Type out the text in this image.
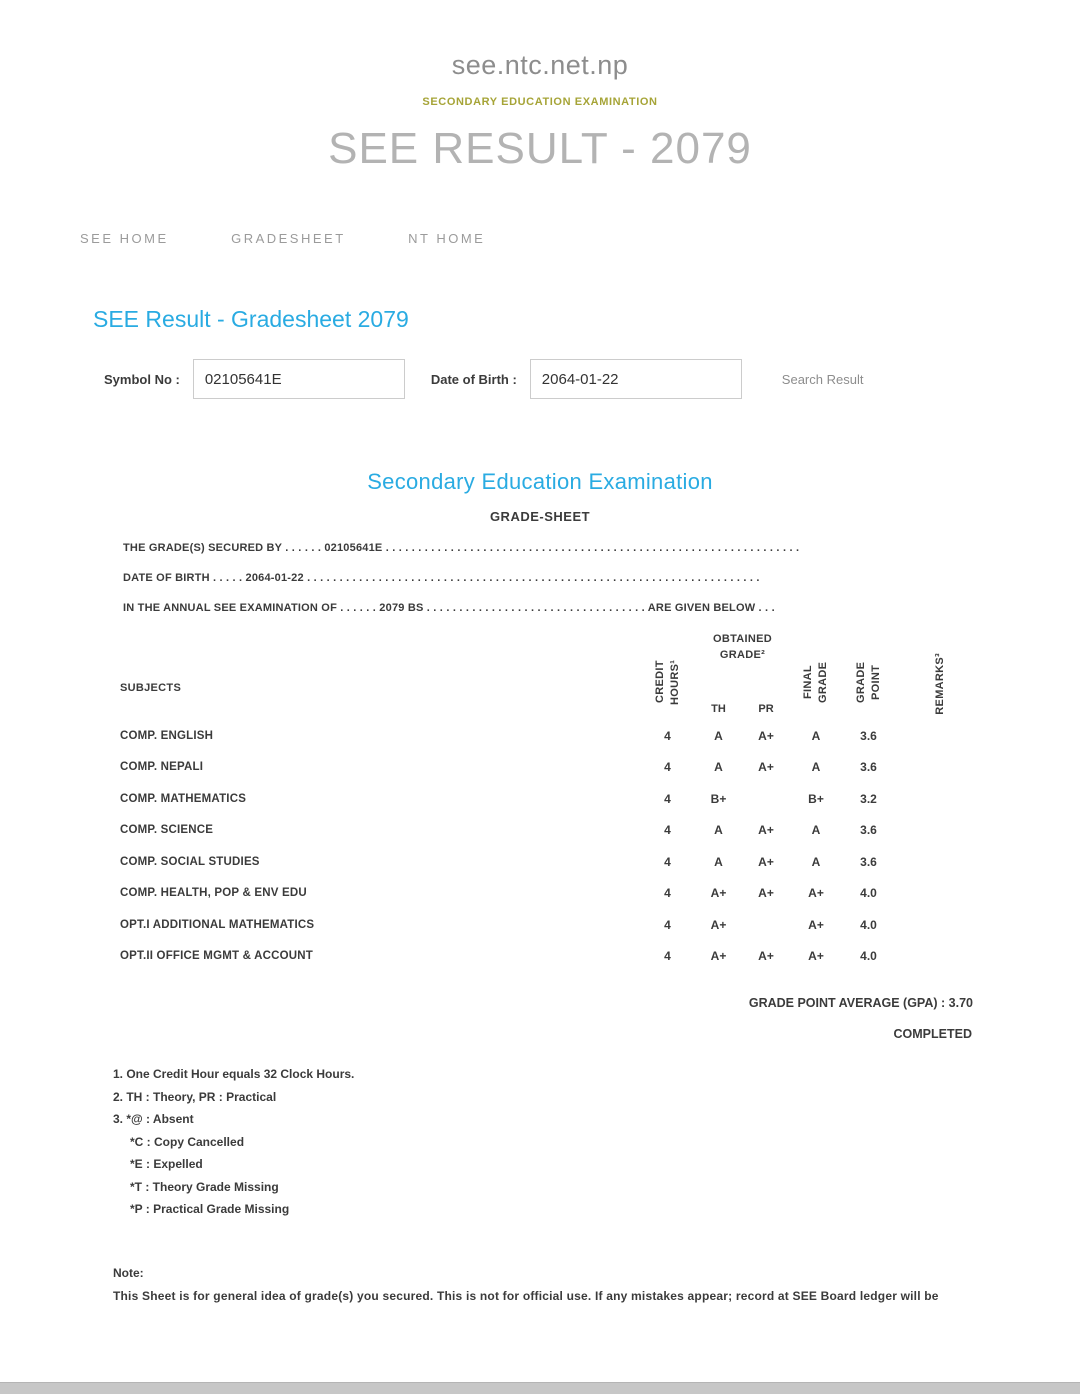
see.ntc.net.np
SECONDARY EDUCATION EXAMINATION
SEE RESULT - 2079
SEE HOME	GRADESHEET	NT HOME
SEE Result - Gradesheet 2079
Symbol No :
02105641E	Date of Birth :
2064-01-22	Search Result
Secondary Education Examination
GRADE-SHEET

THE GRADE(S) SECURED BY . . . . . . 02105641E . . . . . . . . . . . . . . . . . . . . . . . . . . . . . . . . . . . . . . . . . . . . . . . . . . . . . . . . . . . . . . . .

DATE OF BIRTH . . . . . 2064-01-22 . . . . . . . . . . . . . . . . . . . . . . . . . . . . . . . . . . . . . . . . . . . . . . . . . . . . . . . . . . . . . . . . . . . . . .

IN THE ANNUAL SEE EXAMINATION OF . . . . . . 2079 BS . . . . . . . . . . . . . . . . . . . . . . . . . . . . . . . . . . ARE GIVEN BELOW . . .

SUBJECTS	CREDIT HOURS¹	OBTAINED GRADE²		FINAL GRADE	GRADE POINT	REMARKS³
		TH	PR			
COMP. ENGLISH	4	A	A+	A	3.6	
COMP. NEPALI	4	A	A+	A	3.6	
COMP. MATHEMATICS	4	B+		B+	3.2	
COMP. SCIENCE	4	A	A+	A	3.6	
COMP. SOCIAL STUDIES	4	A	A+	A	3.6	
COMP. HEALTH, POP & ENV EDU	4	A+	A+	A+	4.0	
OPT.I ADDITIONAL MATHEMATICS	4	A+		A+	4.0	
OPT.II OFFICE MGMT & ACCOUNT	4	A+	A+	A+	4.0	
GRADE POINT AVERAGE (GPA) : 3.70
COMPLETED
1. One Credit Hour equals 32 Clock Hours.
2. TH : Theory, PR : Practical
3. *@ : Absent
*C : Copy Cancelled
*E : Expelled
*T : Theory Grade Missing
*P : Practical Grade Missing
Note:

This Sheet is for general idea of grade(s) you secured. This is not for official use. If any mistakes appear; record at SEE Board ledger will be
